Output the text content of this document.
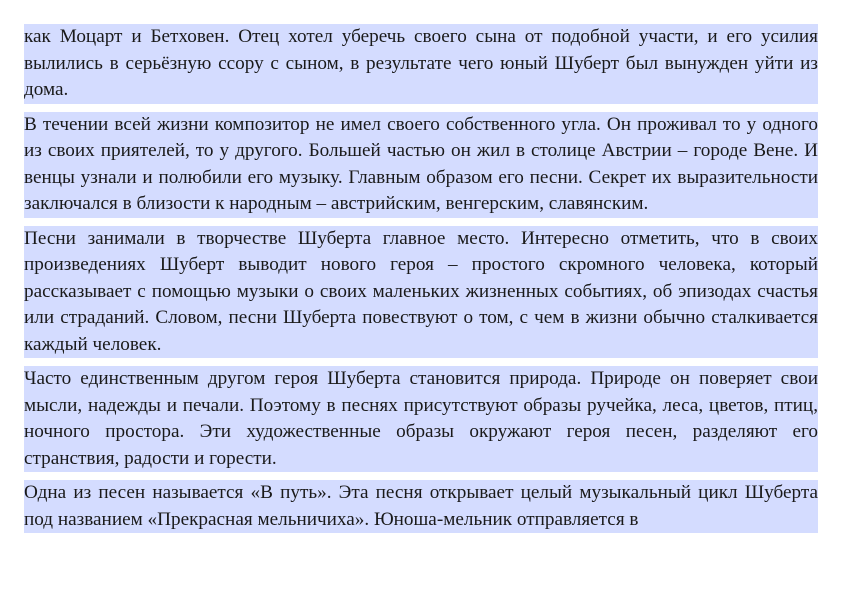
как Моцарт и Бетховен. Отец хотел уберечь своего сына от подобной участи, и его усилия вылились в серьёзную ссору с сыном, в результате чего юный Шуберт был вынужден уйти из дома.

В течении всей жизни композитор не имел своего собственного угла. Он проживал то у одного из своих приятелей, то у другого. Большей частью он жил в столице Австрии – городе Вене. И венцы узнали и полюбили его музыку. Главным образом его песни. Секрет их выразительности заключался в близости к народным – австрийским, венгерским, славянским.

Песни занимали в творчестве Шуберта главное место. Интересно отметить, что в своих произведениях Шуберт выводит нового героя – простого скромного человека, который рассказывает с помощью музыки о своих маленьких жизненных событиях, об эпизодах счастья или страданий. Словом, песни Шуберта повествуют о том, с чем в жизни обычно сталкивается каждый человек.

Часто единственным другом героя Шуберта становится природа. Природе он поверяет свои мысли, надежды и печали. Поэтому в песнях присутствуют образы ручейка, леса, цветов, птиц, ночного простора. Эти художественные образы окружают героя песен, разделяют его странствия, радости и горести.

Одна из песен называется «В путь». Эта песня открывает целый музыкальный цикл Шуберта под названием «Прекрасная мельничиха». Юноша-мельник отправляется в
